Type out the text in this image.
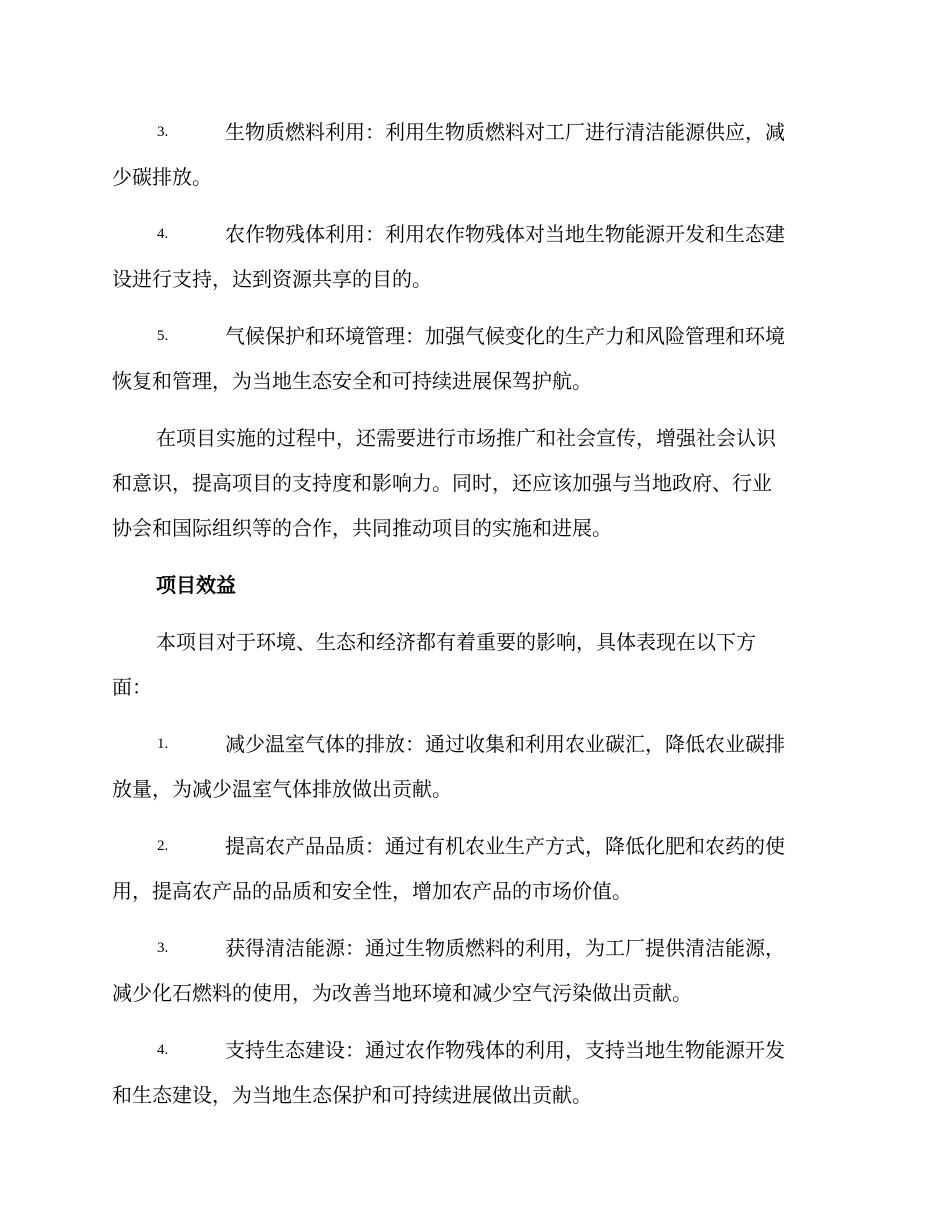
3.	生物质燃料利用：利用生物质燃料对工厂进行清洁能源供应，减
少碳排放。
4.	农作物残体利用：利用农作物残体对当地生物能源开发和生态建
设进行支持，达到资源共享的目的。
5.	气候保护和环境管理：加强气候变化的生产力和风险管理和环境
恢复和管理，为当地生态安全和可持续进展保驾护航。
在项目实施的过程中，还需要进行市场推广和社会宣传，增强社会认识
和意识，提高项目的支持度和影响力。同时，还应该加强与当地政府、行业
协会和国际组织等的合作，共同推动项目的实施和进展。
项目效益
本项目对于环境、生态和经济都有着重要的影响，具体表现在以下方
面：
1.	减少温室气体的排放：通过收集和利用农业碳汇，降低农业碳排
放量，为减少温室气体排放做出贡献。
2.	提高农产品品质：通过有机农业生产方式，降低化肥和农药的使
用，提高农产品的品质和安全性，增加农产品的市场价值。
3.	获得清洁能源：通过生物质燃料的利用，为工厂提供清洁能源，
减少化石燃料的使用，为改善当地环境和减少空气污染做出贡献。
4.	支持生态建设：通过农作物残体的利用，支持当地生物能源开发
和生态建设，为当地生态保护和可持续进展做出贡献。
